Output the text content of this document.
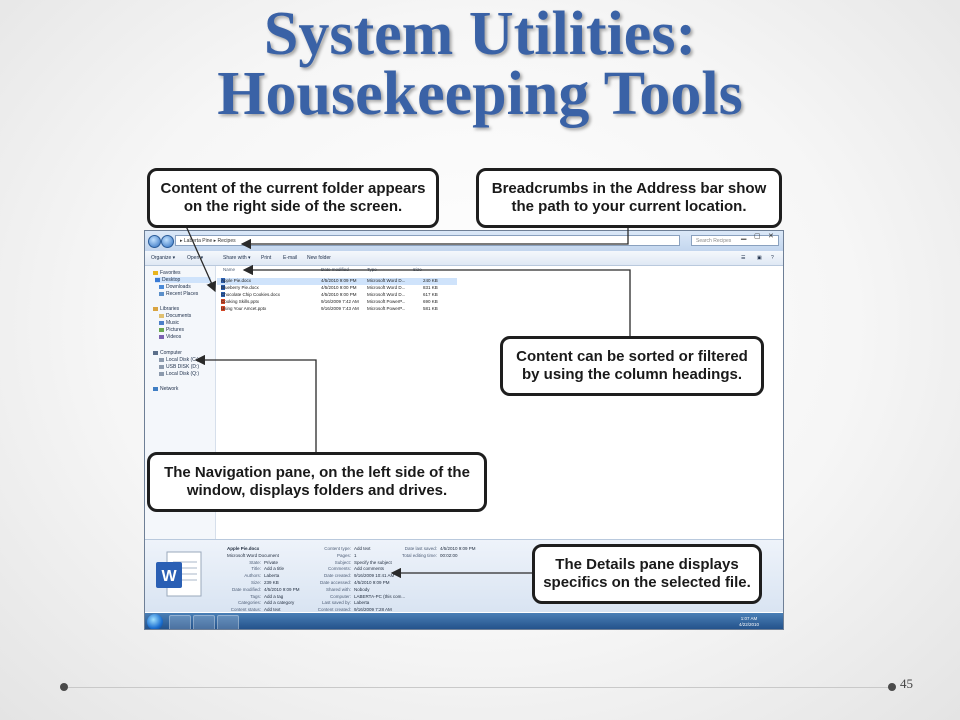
System Utilities:
Housekeeping Tools
▸ Laberta Pine ▸ Recipes	Search Recipes
▁ ▢ ✕
Organize ▾ Open ▾	Share with ▾ Print E-mail New folder	☰ ▣ ?
Favorites
Desktop
Downloads
Recent Places
Libraries
Documents
Music
Pictures
Videos
Computer
Local Disk (C:)
USB DISK (D:)
Local Disk (Q:)
Network
Name	Date modified	Type	Size
Apple Pie.docx	4/5/2010 9:09 PM Microsoft Word D...	240 KB
Blueberry Pie.docx	4/5/2010 9:00 PM Microsoft Word D...	831 KB
Chocolate Chip Cookies.docx	4/5/2010 9:00 PM Microsoft Word D...	617 KB
Cooking Skills.pptx	9/16/2009 7:42 AM Microsoft PowerP...	690 KB
Using Your Amcet.pptx	9/16/2009 7:43 AM Microsoft PowerP...	581 KB
W
Apple Pie.docx
Microsoft Word Document
State: Private
Title: Add a title
Authors: Laberta
Size: 239 KB
Date modified: 4/5/2010 9:09 PM
Tags: Add a tag
Categories: Add a category
Content status: Add text
Content type: Add text
Pages: 1
Subject: Specify the subject
Comments: Add comments
Date created: 9/16/2009 10:41 AM
Date accessed: 4/5/2010 9:09 PM
Shared with: Nobody
Computer: LABERTA-PC (this com...
Last saved by: Laberta
Content created: 9/16/2009 7:28 AM
Date last saved: 4/5/2010 9:09 PM
Total editing time: 00:02:00
1:07 AM
4/22/2010
Content of the current folder appears on the right side of the screen.
Breadcrumbs in the Address bar show the path to your current location.
Content can be sorted or filtered by using the column headings.
The Navigation pane, on the left side of the window, displays folders and drives.
The Details pane displays specifics on the selected file.
45
